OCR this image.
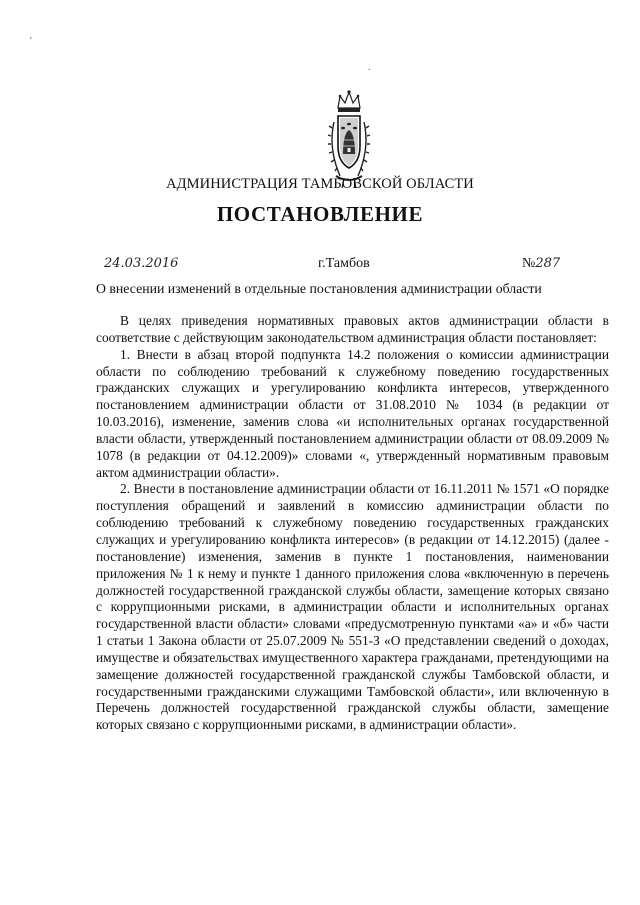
АДМИНИСТРАЦИЯ ТАМБОВСКОЙ ОБЛАСТИ
ПОСТАНОВЛЕНИЕ
24.03.2016	г.Тамбов	№287
О внесении изменений в отдельные постановления администрации области

В целях приведения нормативных правовых актов администрации области в соответствие с действующим законодательством администрация области постановляет:

1. Внести в абзац второй подпункта 14.2 положения о комиссии администрации области по соблюдению требований к служебному поведению государственных гражданских служащих и урегулированию конфликта интересов, утвержденного постановлением администрации области от 31.08.2010 № 1034 (в редакции от 10.03.2016), изменение, заменив слова «и исполнительных органах государственной власти области, утвержденный постановлением администрации области от 08.09.2009 № 1078 (в редакции от 04.12.2009)» словами «, утвержденный нормативным правовым актом администрации области».

2. Внести в постановление администрации области от 16.11.2011 № 1571 «О порядке поступления обращений и заявлений в комиссию администрации области по соблюдению требований к служебному поведению государственных гражданских служащих и урегулированию конфликта интересов» (в редакции от 14.12.2015) (далее - постановление) изменения, заменив в пункте 1 постановления, наименовании приложения № 1 к нему и пункте 1 данного приложения слова «включенную в перечень должностей государственной гражданской службы области, замещение которых связано с коррупционными рисками, в администрации области и исполнительных органах государственной власти области» словами «предусмотренную пунктами «а» и «б» части 1 статьи 1 Закона области от 25.07.2009 № 551-З «О представлении сведений о доходах, имуществе и обязательствах имущественного характера гражданами, претендующими на замещение должностей государственной гражданской службы Тамбовской области, и государственными гражданскими служащими Тамбовской области», или включенную в Перечень должностей государственной гражданской службы области, замещение которых связано с коррупционными рисками, в администрации области».

'
.
